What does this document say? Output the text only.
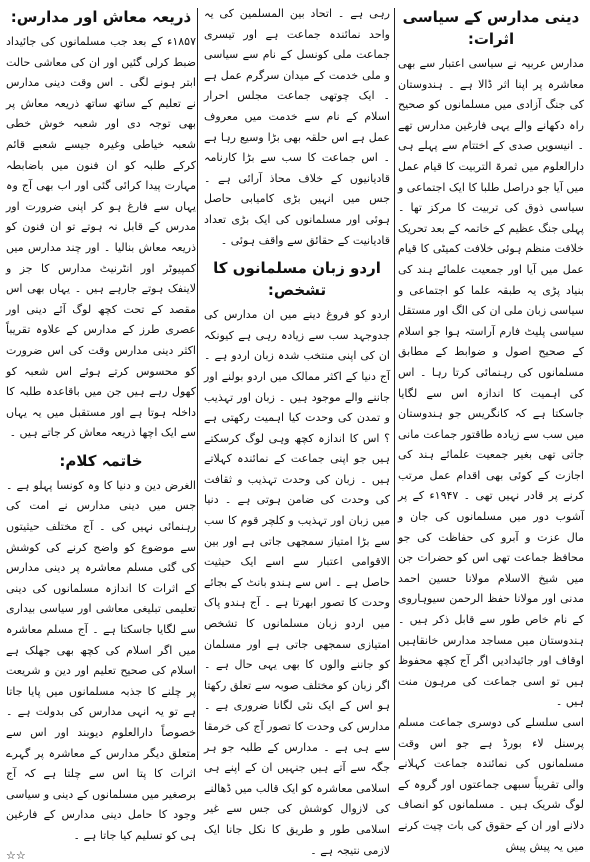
دینی مدارس کے سیاسی اثرات:

مدارس عربیہ نے سیاسی اعتبار سے بھی معاشرہ پر اپنا اثر ڈالا ہے ۔ ہندوستان کی جنگ آزادی میں مسلمانوں کو صحیح راہ دکھانے والے یہی فارغین مدارس تھے ۔ انیسویں صدی کے اختتام سے پہلے ہی دارالعلوم میں ثمرۃ التربیت کا قیام عمل میں آیا جو دراصل طلبا کا ایک اجتماعی و سیاسی ذوق کی تربیت کا مرکز تھا ۔ پہلی جنگ عظیم کے خاتمہ کے بعد تحریک خلافت منظم ہوئی خلافت کمیٹی کا قیام عمل میں آیا اور جمعیت علمائے ہند کی بنیاد پڑی یہ طبقہ علما کو اجتماعی و سیاسی زبان ملی ان کی الگ اور مستقل سیاسی پلیٹ فارم آراستہ ہوا جو اسلام کے صحیح اصول و ضوابط کے مطابق مسلمانوں کی رہنمائی کرتا رہا ۔ اس کی اہمیت کا اندازہ اس سے لگایا جاسکتا ہے کہ کانگریس جو ہندوستان میں سب سے زیادہ طاقتور جماعت مانی جاتی تھی بغیر جمعیت علمائے ہند کی اجازت کے کوئی بھی اقدام عمل مرتب کرنے پر قادر نہیں تھی ۔ ۱۹۴۷ء کے پر آشوب دور میں مسلمانوں کی جان و مال عزت و آبرو کی حفاظت کی جو محافظ جماعت تھی اس کو حضرات جن میں شیخ الاسلام مولانا حسین احمد مدنی اور مولانا حفظ الرحمن سیوہاروی کے نام خاص طور سے قابل ذکر ہیں ۔ ہندوستان میں مساجد مدارس خانقاہیں اوقاف اور جائیدادیں اگر آج کچھ محفوظ ہیں تو اسی جماعت کی مرہون منت ہیں ۔

اسی سلسلے کی دوسری جماعت مسلم پرسنل لاء بورڈ ہے جو اس وقت مسلمانوں کی نمائندہ جماعت کہلانے والی تقریباً سبھی جماعتوں اور گروہ کے لوگ شریک ہیں ۔ مسلمانوں کو انصاف دلانے اور ان کے حقوق کی بات چیت کرنے میں یہ پیش پیش

رہی ہے ۔ اتحاد بین المسلمین کی یہ واحد نمائندہ جماعت ہے اور تیسری جماعت ملی کونسل کے نام سے سیاسی و ملی خدمت کے میدان سرگرم عمل ہے ۔ ایک چوتھی جماعت مجلس احرار اسلام کے نام سے خدمت میں معروف عمل ہے اس حلقہ بھی بڑا وسیع رہا ہے ۔ اس جماعت کا سب سے بڑا کارنامہ قادیانیوں کے خلاف محاذ آرائی ہے ۔ جس میں انہیں بڑی کامیابی حاصل ہوئی اور مسلمانوں کی ایک بڑی تعداد قادیانیت کے حقائق سے واقف ہوئی ۔

اردو زبان مسلمانوں کا تشخص:

اردو کو فروغ دینے میں ان مدارس کی جدوجہد سب سے زیادہ رہی ہے کیونکہ ان کی اپنی منتخب شدہ زبان اردو ہے ۔ آج دنیا کے اکثر ممالک میں اردو بولنے اور جاننے والے موجود ہیں ۔ زبان اور تہذیب و تمدن کی وحدت کیا اہمیت رکھتی ہے ؟ اس کا اندازہ کچھ وہی لوگ کرسکتے ہیں جو اپنی جماعت کے نمائندہ کہلاتے ہیں ۔ زبان کی وحدت تہذیب و ثقافت کی وحدت کی ضامن ہوتی ہے ۔ دنیا میں زبان اور تہذیب و کلچر قوم کا سب سے بڑا امتیاز سمجھی جاتی ہے اور بین الاقوامی اعتبار سے اسے ایک حیثیت حاصل ہے ۔ اس سے ہندو بانٹ کے بجائے وحدت کا تصور ابھرتا ہے ۔ آج ہندو پاک میں اردو زبان مسلمانوں کا تشخص امتیازی سمجھی جاتی ہے اور مسلمان کو جاننے والوں کا بھی یہی حال ہے ۔ اگر زبان کو مختلف صوبہ سے تعلق رکھتا ہو اس کے ایک نئی لگانا ضروری ہے ۔ مدارس کی وحدت کا تصور آج کی خرمقا سے ہی ہے ۔ مدارس کے طلبہ جو ہر جگہ سے آتے ہیں جنہیں ان کے اپنے ہی اسلامی معاشرہ کو ایک قالب میں ڈھالنے کی لازوال کوشش کی جس سے غیر اسلامی طور و طریق کا نکل جانا ایک لازمی نتیجہ ہے ۔

ذریعہ معاش اور مدارس:

۱۸۵۷ء کے بعد جب مسلمانوں کی جائیداد ضبط کرلی گئیں اور ان کی معاشی حالت ابتر ہونے لگی ۔ اس وقت دینی مدارس نے تعلیم کے ساتھ ساتھ ذریعہ معاش پر بھی توجہ دی اور شعبہ خوش خطی شعبہ خیاطی وغیرہ جیسے شعبے قائم کرکے طلبہ کو ان فنون میں باضابطہ مہارت پیدا کرائی گئی اور اب بھی آج وہ یہاں سے فارغ ہو کر اپنی ضرورت اور مدرس کے قابل نہ ہوتے تو ان فنون کو ذریعہ معاش بنالیا ۔ اور چند مدارس میں کمپیوٹر اور انٹرنیٹ مدارس کا جز و لاینفک ہوتے جارہے ہیں ۔ یہاں بھی اس مقصد کے تحت کچھ لوگ آئے دینی اور عصری طرز کے مدارس کے علاوہ تقریباً اکثر دینی مدارس وقت کی اس ضرورت کو محسوس کرتے ہوئے اس شعبہ کو کھول رہے ہیں جن میں باقاعدہ طلبہ کا داخلہ ہوتا ہے اور مستقبل میں یہ یہاں سے ایک اچھا ذریعہ معاش کر جاتے ہیں ۔

خاتمہ کلام:

الغرض دین و دنیا کا وہ کونسا پہلو ہے ۔ جس میں دینی مدارس نے امت کی رہنمائی نہیں کی ۔ آج مختلف حیثیتوں سے موضوع کو واضح کرنے کی کوشش کی گئی مسلم معاشرہ پر دینی مدارس کے اثرات کا اندازہ مسلمانوں کی دینی تعلیمی تبلیغی معاشی اور سیاسی بیداری سے لگایا جاسکتا ہے ۔ آج مسلم معاشرہ میں اگر اسلام کی کچھ بھی جھلک ہے اسلام کی صحیح تعلیم اور دین و شریعت پر چلنے کا جذبہ مسلمانوں میں پایا جاتا ہے تو یہ انہی مدارس کی بدولت ہے ۔ خصوصاً دارالعلوم دیوبند اور اس سے متعلق دیگر مدارس کے معاشرہ پر گہرے اثرات کا پتا اس سے چلتا ہے کہ آج برصغیر میں مسلمانوں کے دینی و سیاسی وجود کا حامل دینی مدارس کے فارغین ہی کو تسلیم کیا جاتا ہے ۔

☆☆
